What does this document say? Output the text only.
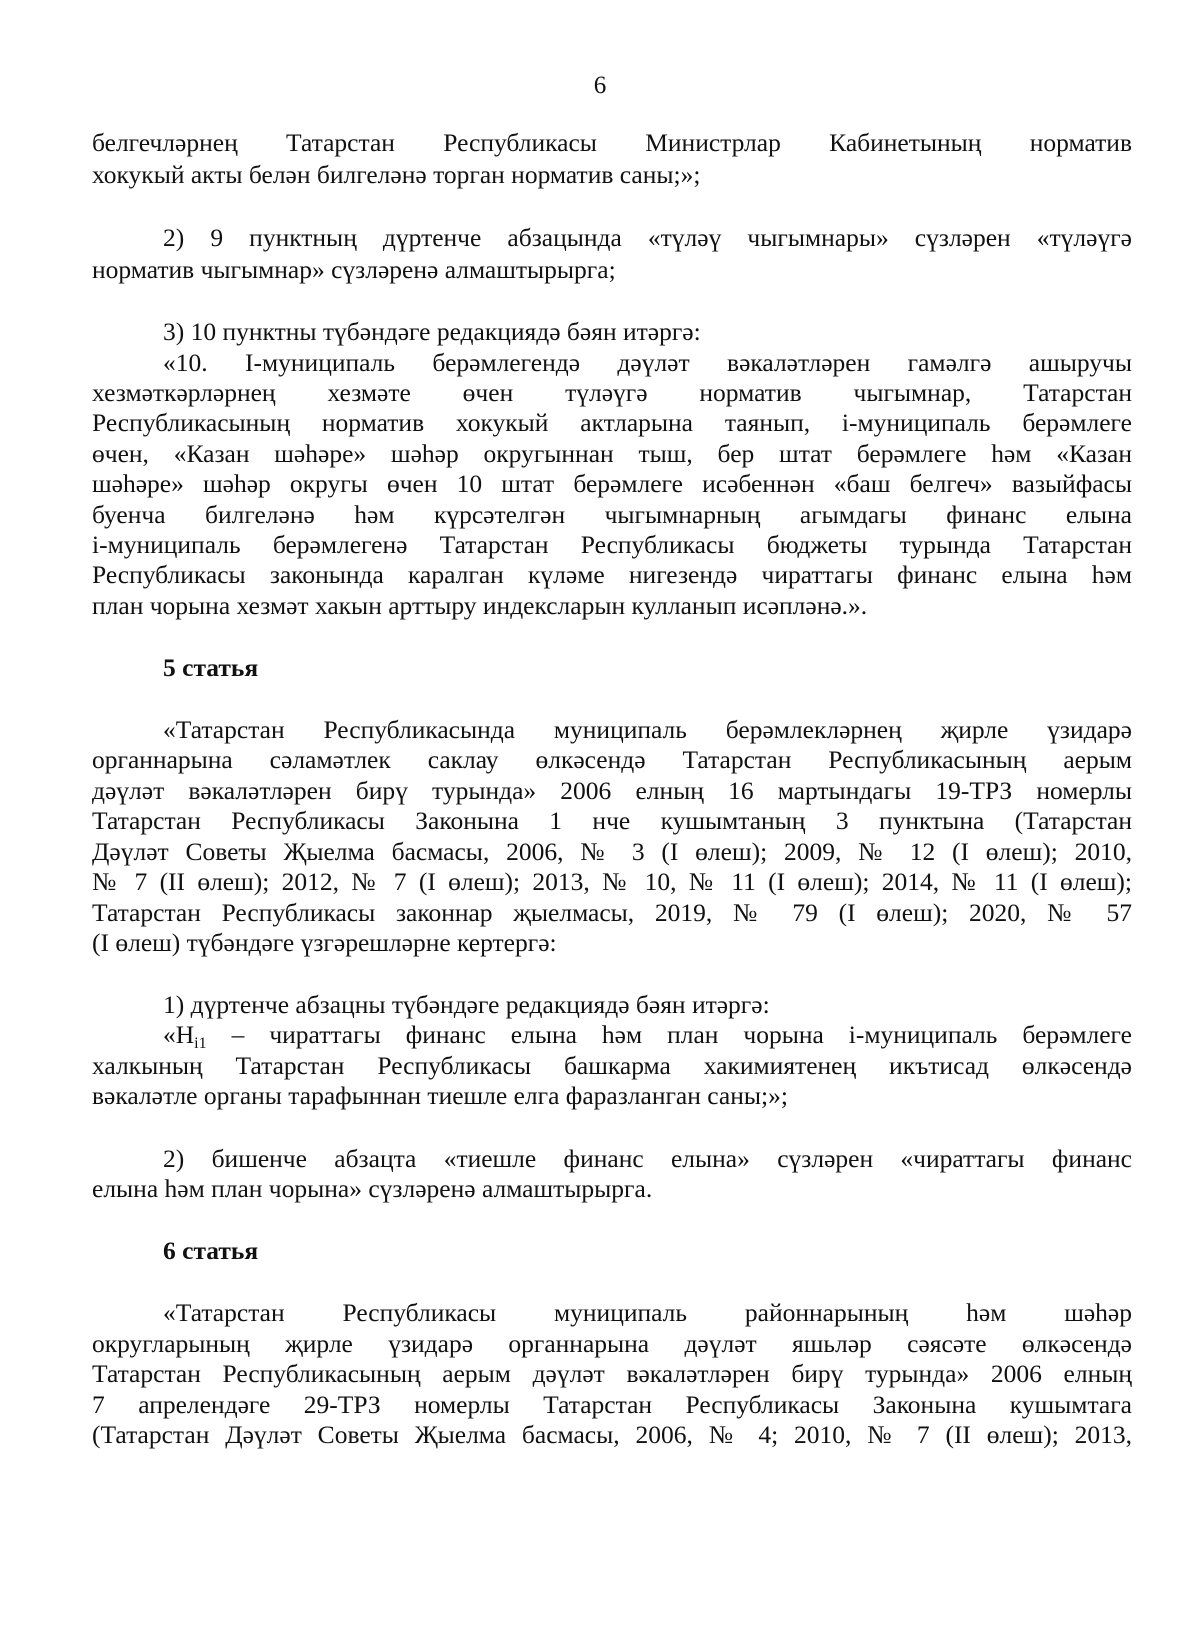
6
белгечләрнең Татарстан Республикасы Министрлар Кабинетының норматив
хокукый акты белән билгеләнә торган норматив саны;»;
2) 9 пунктның дүртенче абзацында «түләү чыгымнары» сүзләрен «түләүгә
норматив чыгымнар» сүзләренә алмаштырырга;
3) 10 пунктны түбәндәге редакциядә бәян итәргә:
«10. I-муниципаль берәмлегендә дәүләт вәкаләтләрен гамәлгә ашыручы
хезмәткәрләрнең хезмәте өчен түләүгә норматив чыгымнар, Татарстан
Республикасының норматив хокукый актларына таянып, i-муниципаль берәмлеге
өчен, «Казан шәһәре» шәһәр округыннан тыш, бер штат берәмлеге һәм «Казан
шәһәре» шәһәр округы өчен 10 штат берәмлеге исәбеннән «баш белгеч» вазыйфасы
буенча билгеләнә һәм күрсәтелгән чыгымнарның агымдагы финанс елына
i-муниципаль берәмлегенә Татарстан Республикасы бюджеты турында Татарстан
Республикасы законында каралган күләме нигезендә чираттагы финанс елына һәм
план чорына хезмәт хакын арттыру индексларын кулланып исәпләнә.».
5 статья
«Татарстан Республикасында муниципаль берәмлекләрнең җирле үзидарә
органнарына сәламәтлек саклау өлкәсендә Татарстан Республикасының аерым
дәүләт вәкаләтләрен бирү турында» 2006 елның 16 мартындагы 19-ТРЗ номерлы
Татарстан Республикасы Законына 1 нче кушымтаның 3 пунктына (Татарстан
Дәүләт Советы Җыелма басмасы, 2006, № 3 (I өлеш); 2009, № 12 (I өлеш); 2010,
№ 7 (II өлеш); 2012, № 7 (I өлеш); 2013, № 10, № 11 (I өлеш); 2014, № 11 (I өлеш);
Татарстан Республикасы законнар җыелмасы, 2019, № 79 (I өлеш); 2020, № 57
(I өлеш) түбәндәге үзгәрешләрне кертергә:
1) дүртенче абзацны түбәндәге редакциядә бәян итәргә:
«$H_{i1}$ – чираттагы финанс елына һәм план чорына i-муниципаль берәмлеге
халкының Татарстан Республикасы башкарма хакимиятенең икътисад өлкәсендә
вәкаләтле органы тарафыннан тиешле елга фаразланган саны;»;
2) бишенче абзацта «тиешле финанс елына» сүзләрен «чираттагы финанс
елына һәм план чорына» сүзләренә алмаштырырга.
6 статья
«Татарстан Республикасы муниципаль районнарының һәм шәһәр
округларының җирле үзидарә органнарына дәүләт яшьләр сәясәте өлкәсендә
Татарстан Республикасының аерым дәүләт вәкаләтләрен бирү турында» 2006 елның
7 апрелендәге 29-ТРЗ номерлы Татарстан Республикасы Законына кушымтага
(Татарстан Дәүләт Советы Җыелма басмасы, 2006, № 4; 2010, № 7 (II өлеш); 2013,
